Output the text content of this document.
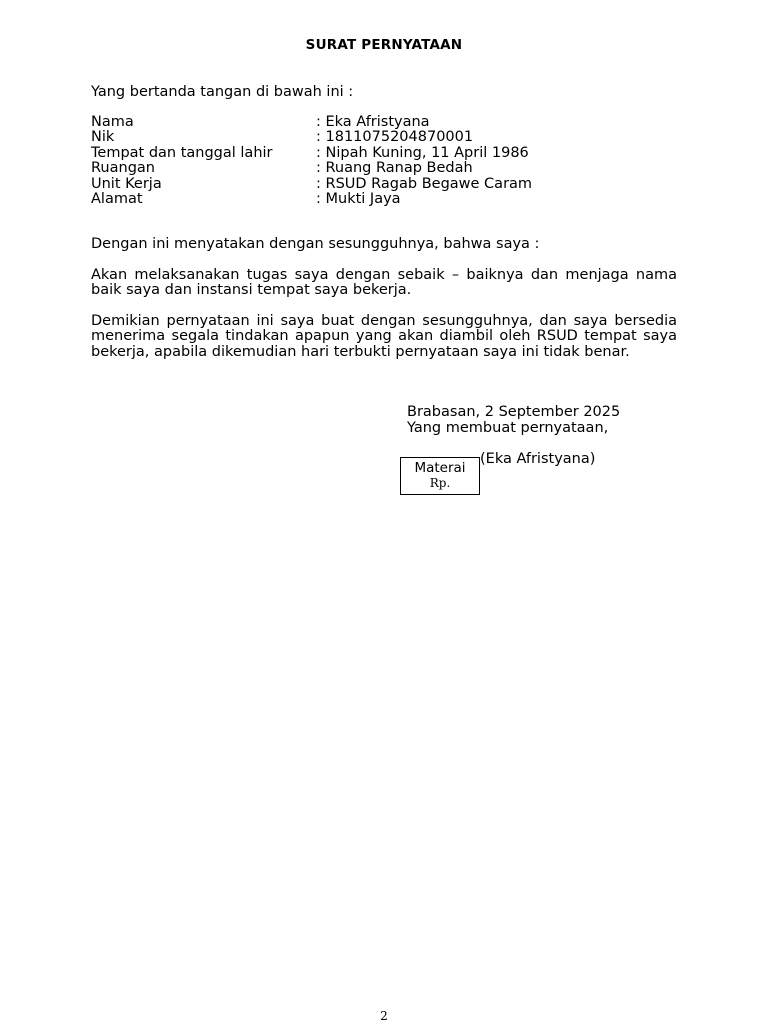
SURAT PERNYATAAN
Yang bertanda tangan di bawah ini :
Nama	: Eka Afristyana
Nik	: 1811075204870001
Tempat dan tanggal lahir	: Nipah Kuning, 11 April 1986
Ruangan	: Ruang Ranap Bedah
Unit Kerja	: RSUD Ragab Begawe Caram
Alamat	: Mukti Jaya
Dengan ini menyatakan dengan sesungguhnya, bahwa saya :
Akan melaksanakan tugas saya dengan sebaik – baiknya dan menjaga nama baik saya dan instansi tempat saya bekerja.
Demikian pernyataan ini saya buat dengan sesungguhnya, dan saya bersedia menerima segala tindakan apapun yang akan diambil oleh RSUD tempat saya bekerja, apabila dikemudian hari terbukti pernyataan saya ini tidak benar.
Brabasan, 2 September 2025
Yang membuat pernyataan,
(Eka Afristyana)
Materai
Rp.
2
